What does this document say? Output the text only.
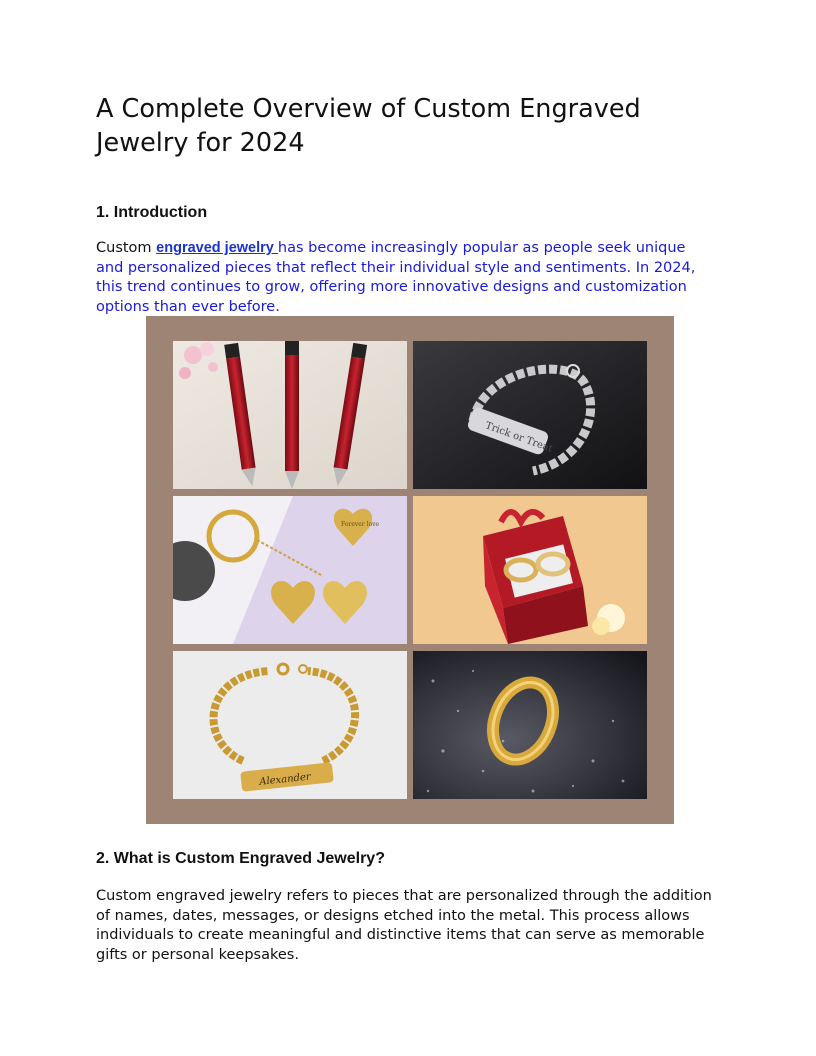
A Complete Overview of Custom Engraved Jewelry for 2024
1. Introduction

Custom engraved jewelry has become increasingly popular as people seek unique and personalized pieces that reflect their individual style and sentiments. In 2024, this trend continues to grow, offering more innovative designs and customization options than ever before.

Trick or Treat
Forever love
Alexander
2. What is Custom Engraved Jewelry?

Custom engraved jewelry refers to pieces that are personalized through the addition of names, dates, messages, or designs etched into the metal. This process allows individuals to create meaningful and distinctive items that can serve as memorable gifts or personal keepsakes.
